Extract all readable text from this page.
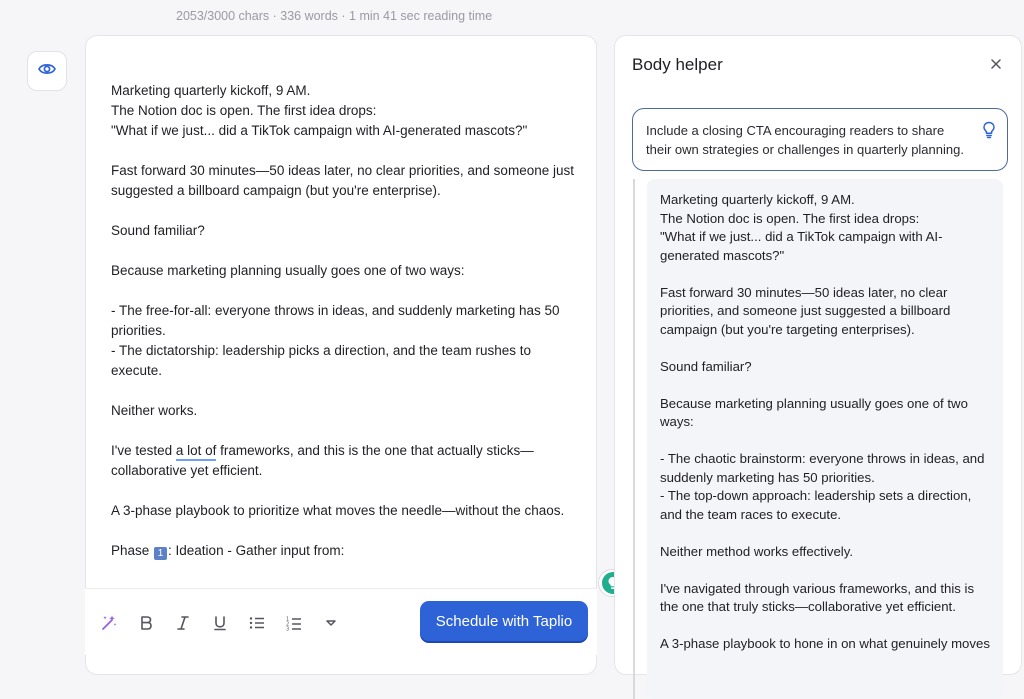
2053/3000 chars · 336 words · 1 min 41 sec reading time

Marketing quarterly kickoff, 9 AM.
The Notion doc is open. The first idea drops:
"What if we just... did a TikTok campaign with AI-generated mascots?"

Fast forward 30 minutes—50 ideas later, no clear priorities, and someone just suggested a billboard campaign (but you're enterprise).

Sound familiar?

Because marketing planning usually goes one of two ways:

- The free-for-all: everyone throws in ideas, and suddenly marketing has 50 priorities.
- The dictatorship: leadership picks a direction, and the team rushes to execute.

Neither works.

I've tested a lot of frameworks, and this is the one that actually sticks—collaborative yet efficient.

A 3-phase playbook to prioritize what moves the needle—without the chaos.

Phase 1 : Ideation - Gather input from:

1
2
3	Schedule with Taplio
Body helper
Include a closing CTA encouraging readers to share their own strategies or challenges in quarterly planning.

Marketing quarterly kickoff, 9 AM.
The Notion doc is open. The first idea drops:
"What if we just... did a TikTok campaign with AI-generated mascots?"

Fast forward 30 minutes—50 ideas later, no clear priorities, and someone just suggested a billboard campaign (but you're targeting enterprises).

Sound familiar?

Because marketing planning usually goes one of two ways:

- The chaotic brainstorm: everyone throws in ideas, and suddenly marketing has 50 priorities.
- The top-down approach: leadership sets a direction, and the team races to execute.

Neither method works effectively.

I've navigated through various frameworks, and this is the one that truly sticks—collaborative yet efficient.

A 3-phase playbook to hone in on what genuinely moves
